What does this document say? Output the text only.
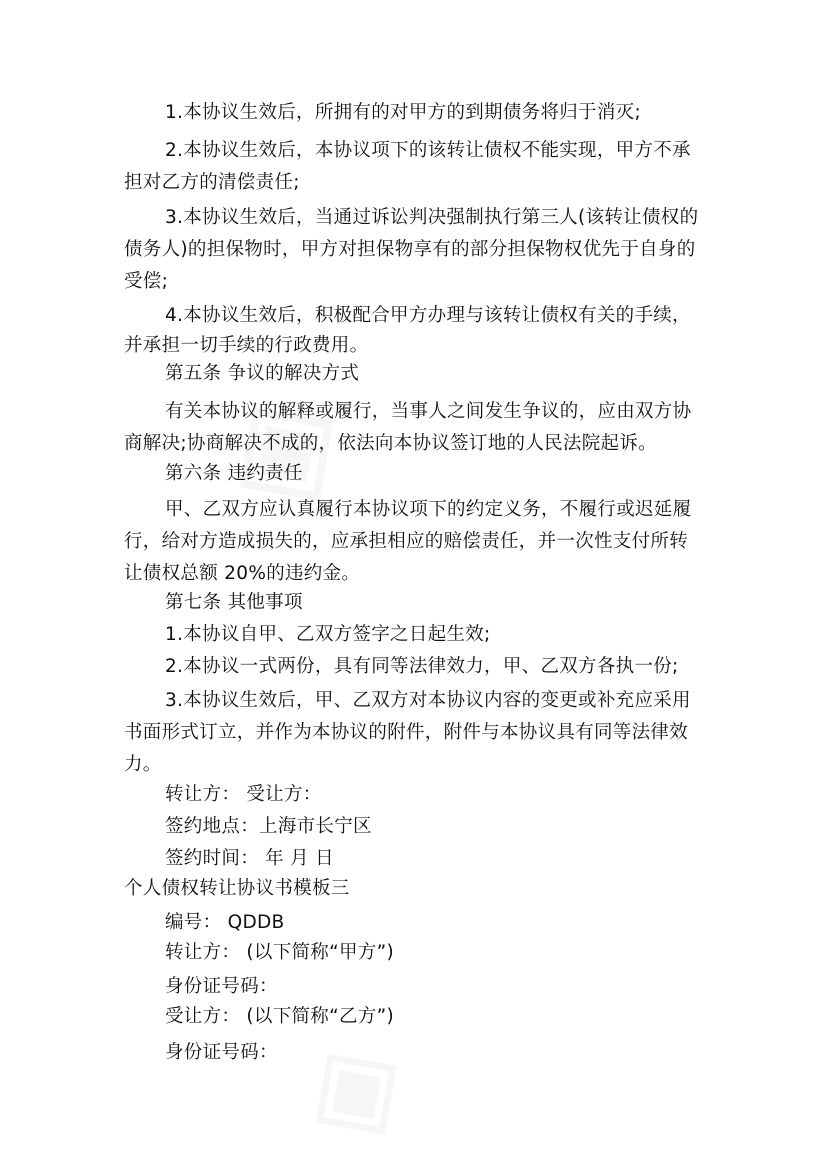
1.本协议生效后，所拥有的对甲方的到期债务将归于消灭;
2.本协议生效后，本协议项下的该转让债权不能实现，甲方不承
担对乙方的清偿责任;
3.本协议生效后，当通过诉讼判决强制执行第三人(该转让债权的
债务人)的担保物时，甲方对担保物享有的部分担保物权优先于自身的
受偿;
4.本协议生效后，积极配合甲方办理与该转让债权有关的手续，
并承担一切手续的行政费用。
第五条 争议的解决方式
有关本协议的解释或履行，当事人之间发生争议的，应由双方协
商解决;协商解决不成的，依法向本协议签订地的人民法院起诉。
第六条 违约责任
甲、乙双方应认真履行本协议项下的约定义务，不履行或迟延履
行，给对方造成损失的，应承担相应的赔偿责任，并一次性支付所转
让债权总额 20%的违约金。
第七条 其他事项
1.本协议自甲、乙双方签字之日起生效;
2.本协议一式两份，具有同等法律效力，甲、乙双方各执一份;
3.本协议生效后，甲、乙双方对本协议内容的变更或补充应采用
书面形式订立，并作为本协议的附件，附件与本协议具有同等法律效
力。
转让方： 受让方：
签约地点：上海市长宁区
签约时间： 年 月 日
个人债权转让协议书模板三
编号： QDDB
转让方： (以下简称“甲方”)
身份证号码：
受让方： (以下简称“乙方”)
身份证号码：
